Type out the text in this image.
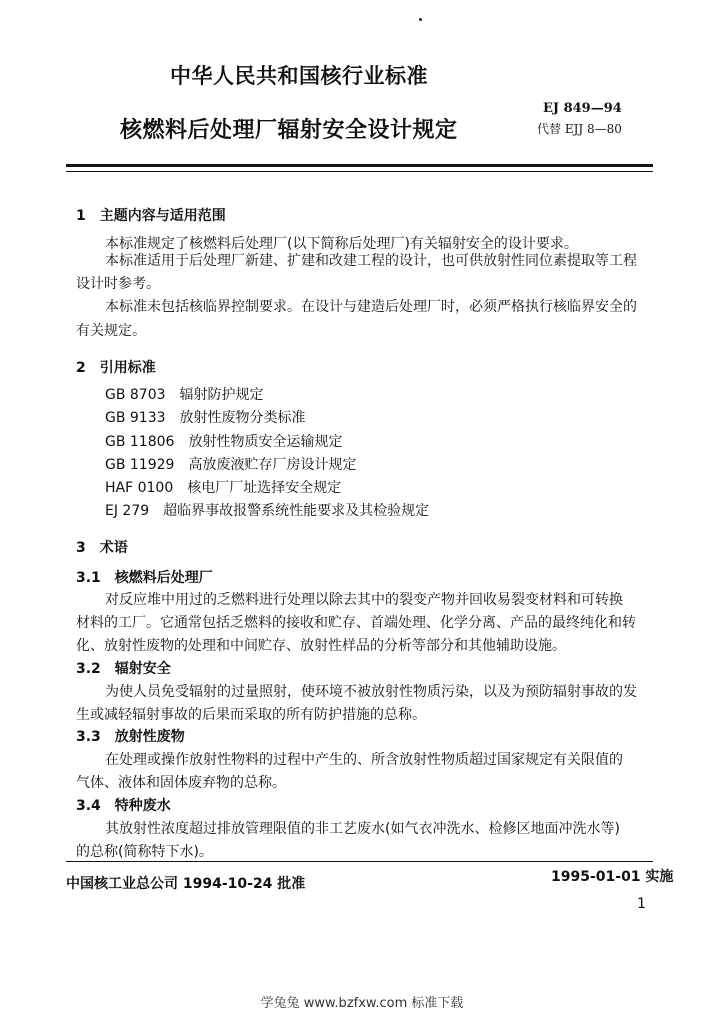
中华人民共和国核行业标准
核燃料后处理厂辐射安全设计规定
EJ 849—94
代替 EJJ 8—80
1　主题内容与适用范围
本标准规定了核燃料后处理厂(以下简称后处理厂)有关辐射安全的设计要求。
本标准适用于后处理厂新建、扩建和改建工程的设计，也可供放射性同位素提取等工程
设计时参考。
本标准未包括核临界控制要求。在设计与建造后处理厂时，必须严格执行核临界安全的
有关规定。
2　引用标准
GB 8703　辐射防护规定
GB 9133　放射性废物分类标准
GB 11806　放射性物质安全运输规定
GB 11929　高放废液贮存厂房设计规定
HAF 0100　核电厂厂址选择安全规定
EJ 279　超临界事故报警系统性能要求及其检验规定
3　术语
3.1　核燃料后处理厂
对反应堆中用过的乏燃料进行处理以除去其中的裂变产物并回收易裂变材料和可转换
材料的工厂。它通常包括乏燃料的接收和贮存、首端处理、化学分离、产品的最终纯化和转
化、放射性废物的处理和中间贮存、放射性样品的分析等部分和其他辅助设施。
3.2　辐射安全
为使人员免受辐射的过量照射，使环境不被放射性物质污染，以及为预防辐射事故的发
生或减轻辐射事故的后果而采取的所有防护措施的总称。
3.3　放射性废物
在处理或操作放射性物料的过程中产生的、所含放射性物质超过国家规定有关限值的
气体、液体和固体废弃物的总称。
3.4　特种废水
其放射性浓度超过排放管理限值的非工艺废水(如气衣冲洗水、检修区地面冲洗水等)
的总称(简称特下水)。
中国核工业总公司 1994-10-24 批准	1995-01-01 实施
1
学兔兔 www.bzfxw.com 标准下载
